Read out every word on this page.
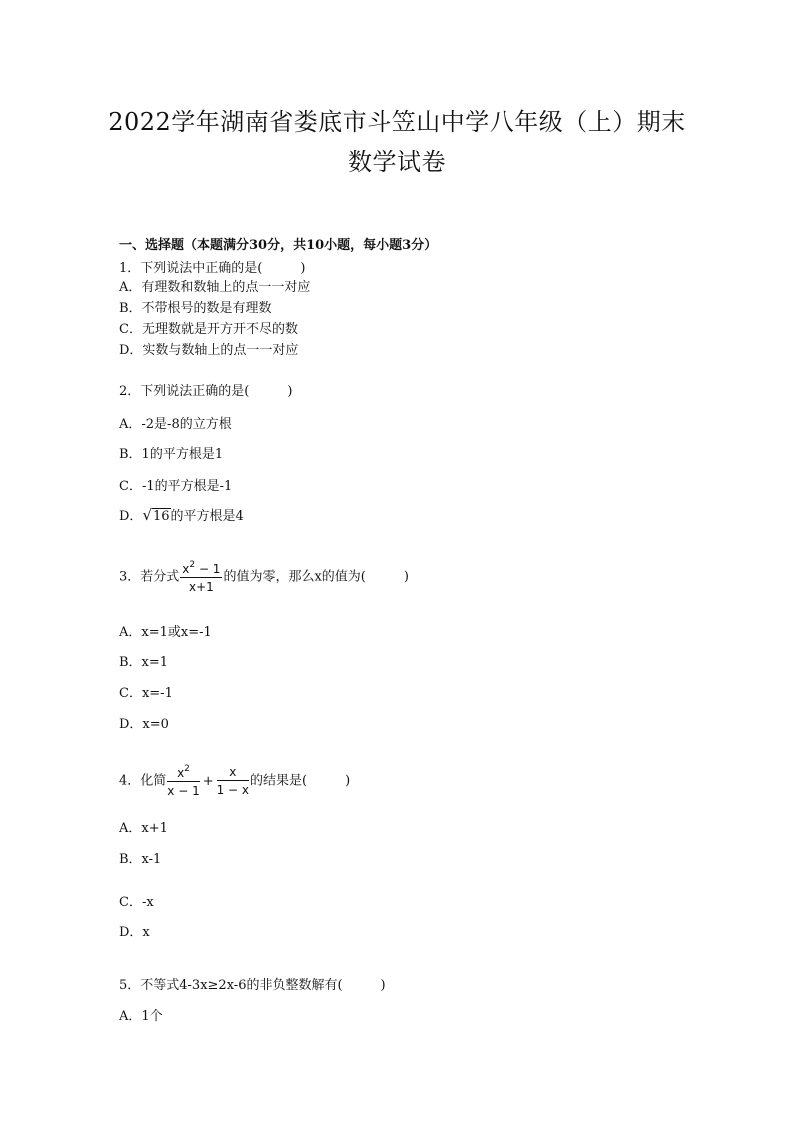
2022学年湖南省娄底市斗笠山中学八年级（上）期末
数学试卷
一、选择题（本题满分30分，共10小题，每小题3分）
1．下列说法中正确的是(	)
A．有理数和数轴上的点一一对应
B．不带根号的数是有理数
C．无理数就是开方开不尽的数
D．实数与数轴上的点一一对应
2．下列说法正确的是(	)
A．-2是-8的立方根
B．1的平方根是1
C．-1的平方根是-1
D．√16的平方根是4
3．若分式 $\frac{x^2 - 1}{x+1}$ 的值为零，那么x的值为(	)
A．x=1或x=-1
B．x=1
C．x=-1
D．x=0
4．化简 $\frac{x^2}{x - 1} + \frac{x}{1 - x}$ 的结果是(	)
A．x+1
B．x-1
C．-x
D．x
5．不等式4-3x≥2x-6的非负整数解有(	)
A．1个
